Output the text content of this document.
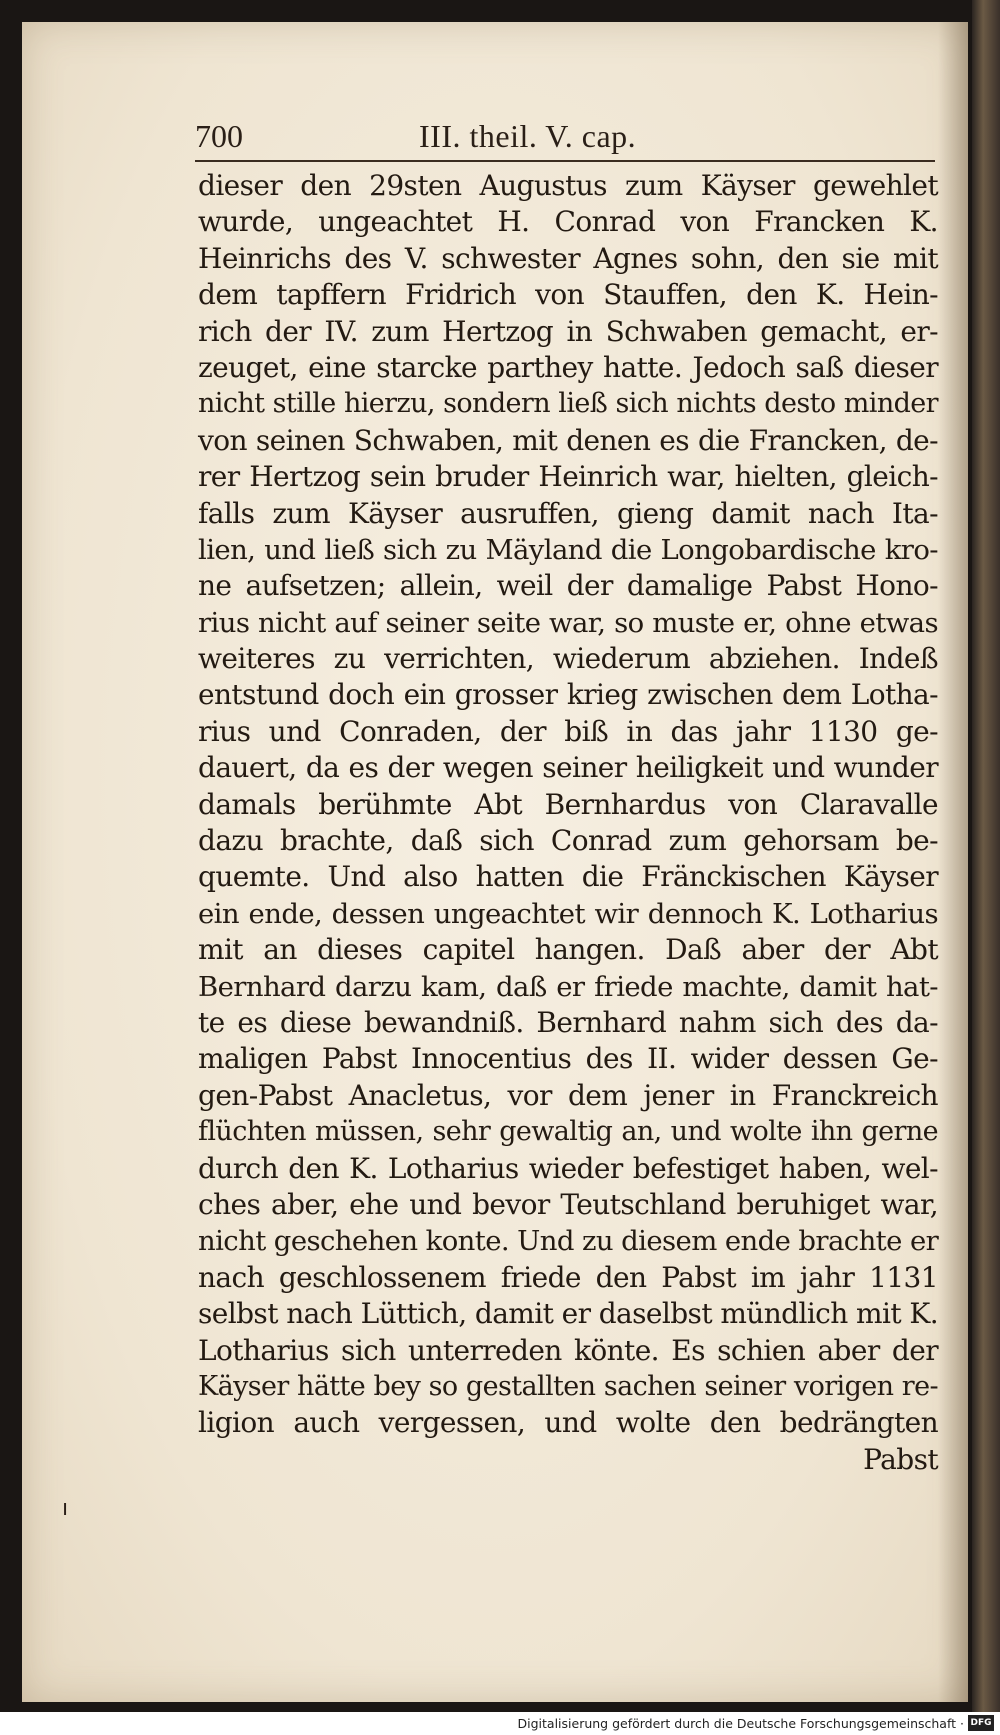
700	III. theil. V. cap.
dieser den 29sten Augustus zum Käyser gewehlet
wurde, ungeachtet H. Conrad von Francken K.
Heinrichs des V. schwester Agnes sohn, den sie mit
dem tapffern Fridrich von Stauffen, den K. Hein-
rich der IV. zum Hertzog in Schwaben gemacht, er-
zeuget, eine starcke parthey hatte. Jedoch saß dieser
nicht stille hierzu, sondern ließ sich nichts desto minder
von seinen Schwaben, mit denen es die Francken, de-
rer Hertzog sein bruder Heinrich war, hielten, gleich-
falls zum Käyser ausruffen, gieng damit nach Ita-
lien, und ließ sich zu Mäyland die Longobardische kro-
ne aufsetzen; allein, weil der damalige Pabst Hono-
rius nicht auf seiner seite war, so muste er, ohne etwas
weiteres zu verrichten, wiederum abziehen. Indeß
entstund doch ein grosser krieg zwischen dem Lotha-
rius und Conraden, der biß in das jahr 1130 ge-
dauert, da es der wegen seiner heiligkeit und wunder
damals berühmte Abt Bernhardus von Claravalle
dazu brachte, daß sich Conrad zum gehorsam be-
quemte. Und also hatten die Fränckischen Käyser
ein ende, dessen ungeachtet wir dennoch K. Lotharius
mit an dieses capitel hangen. Daß aber der Abt
Bernhard darzu kam, daß er friede machte, damit hat-
te es diese bewandniß. Bernhard nahm sich des da-
maligen Pabst Innocentius des II. wider dessen Ge-
gen-Pabst Anacletus, vor dem jener in Franckreich
flüchten müssen, sehr gewaltig an, und wolte ihn gerne
durch den K. Lotharius wieder befestiget haben, wel-
ches aber, ehe und bevor Teutschland beruhiget war,
nicht geschehen konte. Und zu diesem ende brachte er
nach geschlossenem friede den Pabst im jahr 1131
selbst nach Lüttich, damit er daselbst mündlich mit K.
Lotharius sich unterreden könte. Es schien aber der
Käyser hätte bey so gestallten sachen seiner vorigen re-
ligion auch vergessen, und wolte den bedrängten
Pabst
ı
Digitalisierung gefördert durch die Deutsche Forschungsgemeinschaft · DFG
